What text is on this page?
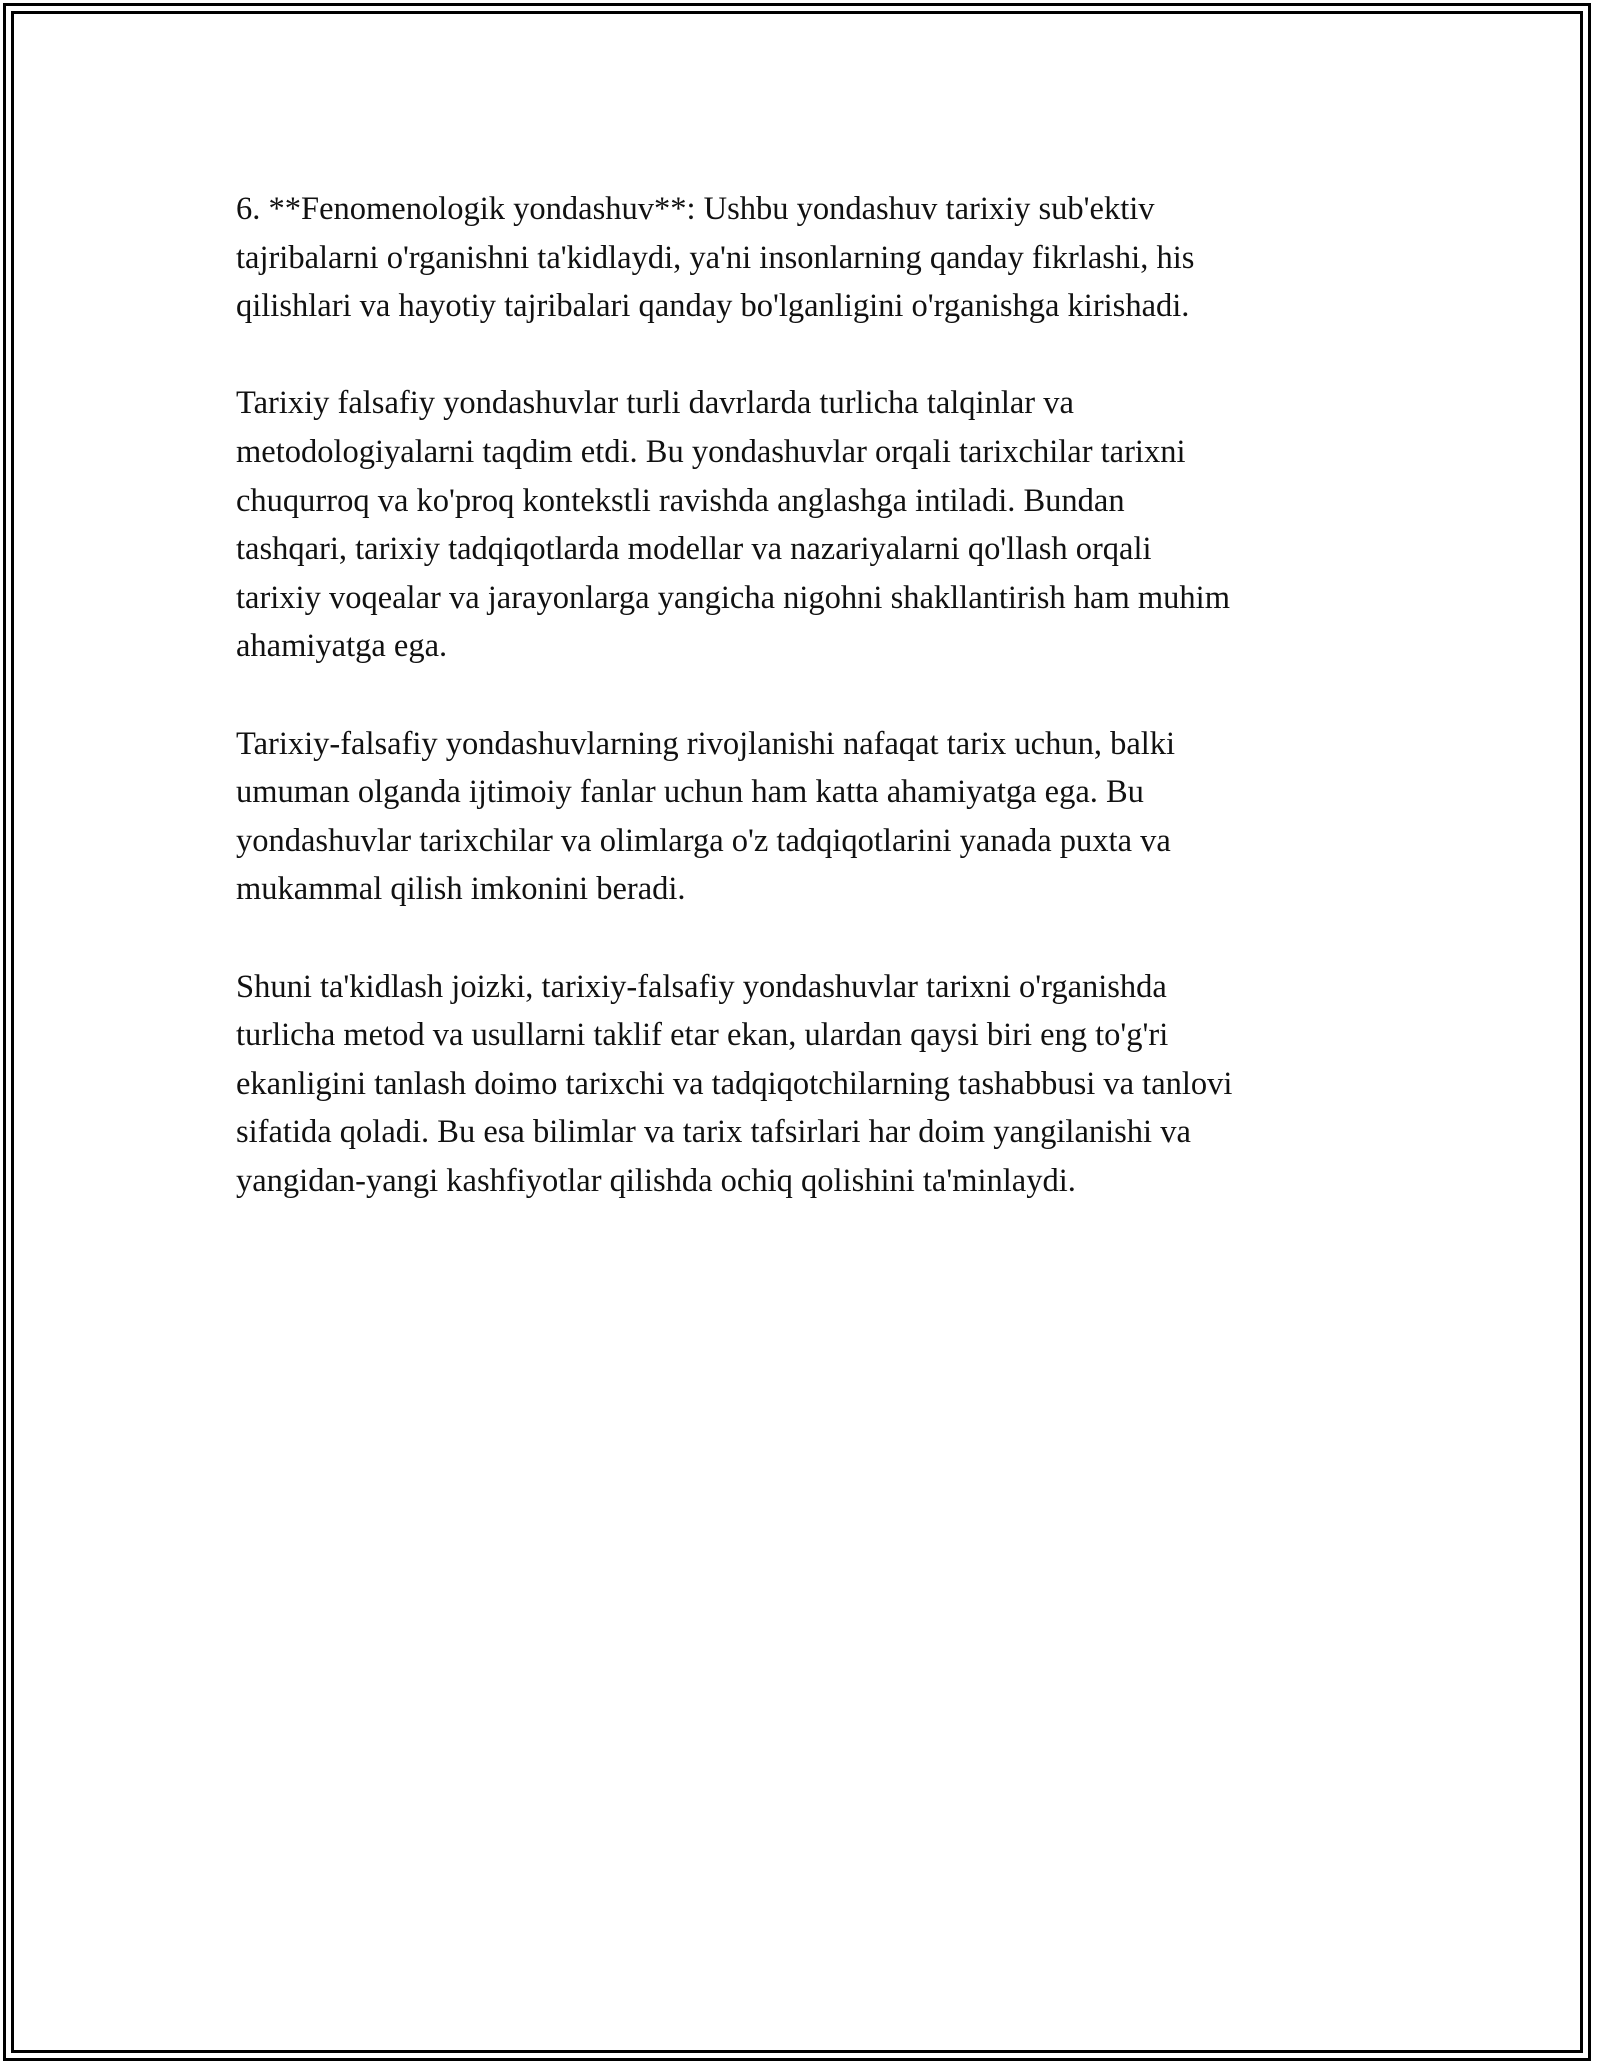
6. **Fenomenologik yondashuv**: Ushbu yondashuv tarixiy sub'ektiv
tajribalarni o'rganishni ta'kidlaydi, ya'ni insonlarning qanday fikrlashi, his
qilishlari va hayotiy tajribalari qanday bo'lganligini o'rganishga kirishadi.

Tarixiy falsafiy yondashuvlar turli davrlarda turlicha talqinlar va
metodologiyalarni taqdim etdi. Bu yondashuvlar orqali tarixchilar tarixni
chuqurroq va ko'proq kontekstli ravishda anglashga intiladi. Bundan
tashqari, tarixiy tadqiqotlarda modellar va nazariyalarni qo'llash orqali
tarixiy voqealar va jarayonlarga yangicha nigohni shakllantirish ham muhim
ahamiyatga ega.

Tarixiy-falsafiy yondashuvlarning rivojlanishi nafaqat tarix uchun, balki
umuman olganda ijtimoiy fanlar uchun ham katta ahamiyatga ega. Bu
yondashuvlar tarixchilar va olimlarga o'z tadqiqotlarini yanada puxta va
mukammal qilish imkonini beradi.

Shuni ta'kidlash joizki, tarixiy-falsafiy yondashuvlar tarixni o'rganishda
turlicha metod va usullarni taklif etar ekan, ulardan qaysi biri eng to'g'ri
ekanligini tanlash doimo tarixchi va tadqiqotchilarning tashabbusi va tanlovi
sifatida qoladi. Bu esa bilimlar va tarix tafsirlari har doim yangilanishi va
yangidan-yangi kashfiyotlar qilishda ochiq qolishini ta'minlaydi.
